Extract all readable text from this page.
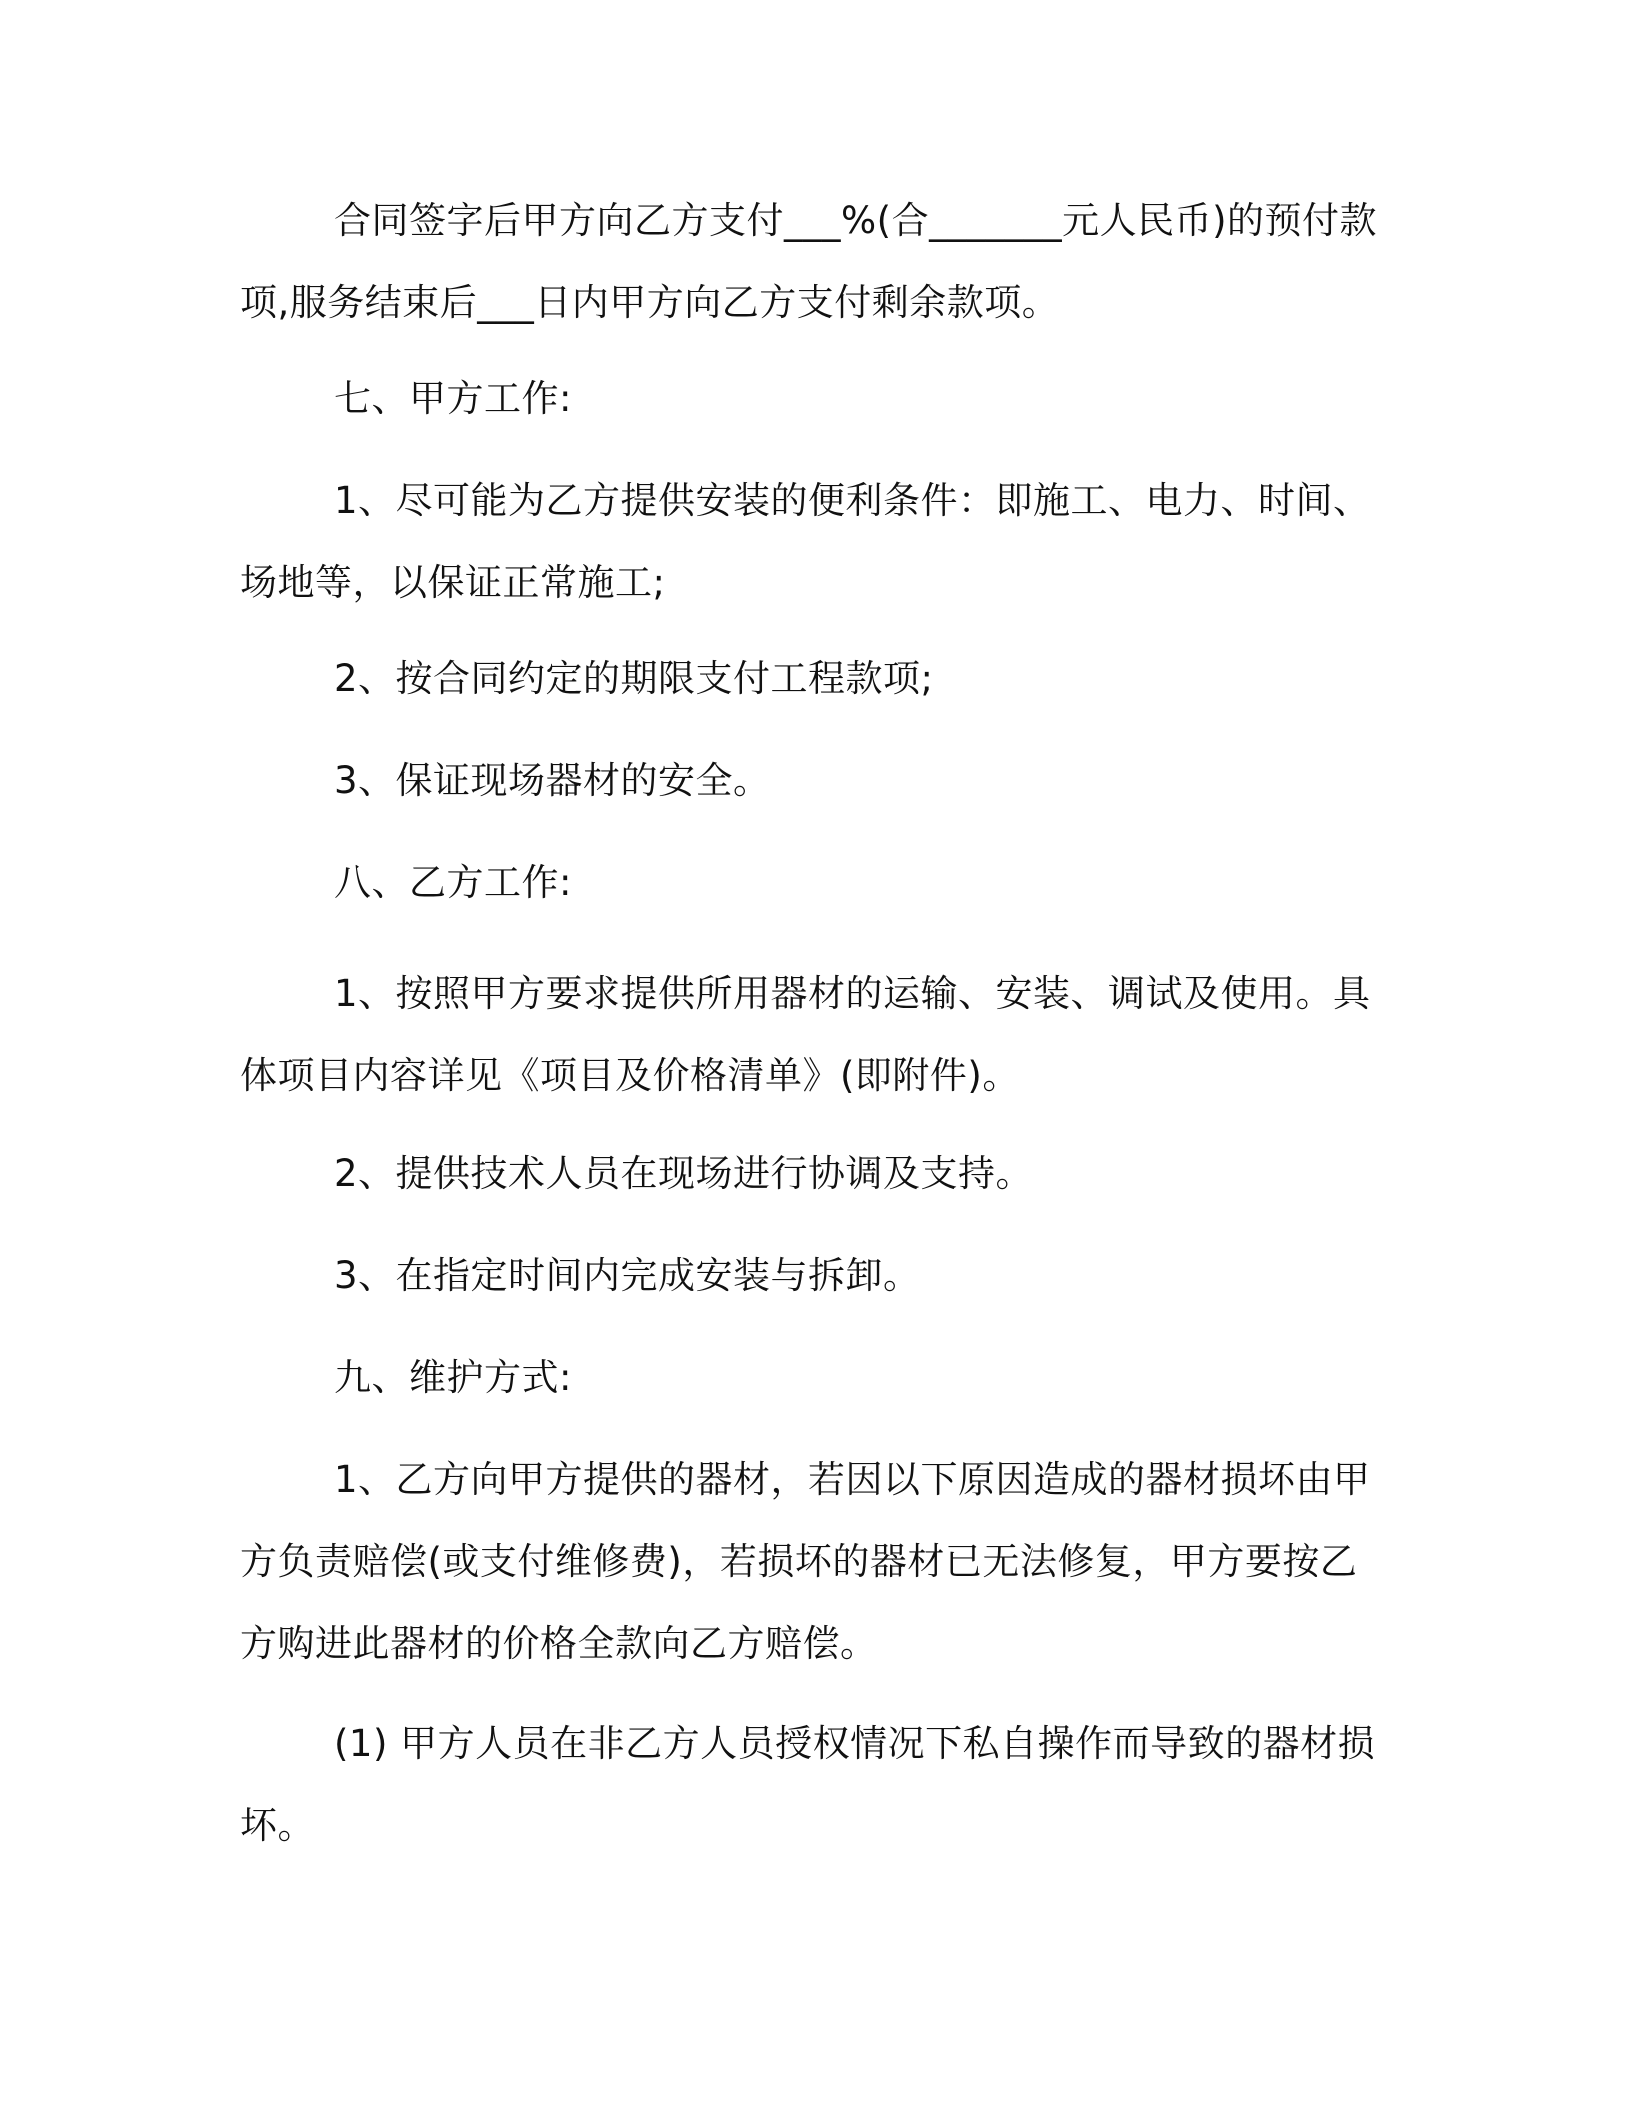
合同签字后甲方向乙方支付___%(合_______元人民币)的预付款项,服务结束后___日内甲方向乙方支付剩余款项。

七、甲方工作:

1、尽可能为乙方提供安装的便利条件：即施工、电力、时间、场地等，以保证正常施工;

2、按合同约定的期限支付工程款项;

3、保证现场器材的安全。

八、乙方工作:

1、按照甲方要求提供所用器材的运输、安装、调试及使用。具体项目内容详见《项目及价格清单》(即附件)。

2、提供技术人员在现场进行协调及支持。

3、在指定时间内完成安装与拆卸。

九、维护方式:

1、乙方向甲方提供的器材，若因以下原因造成的器材损坏由甲方负责赔偿(或支付维修费)，若损坏的器材已无法修复，甲方要按乙方购进此器材的价格全款向乙方赔偿。

(1) 甲方人员在非乙方人员授权情况下私自操作而导致的器材损坏。
